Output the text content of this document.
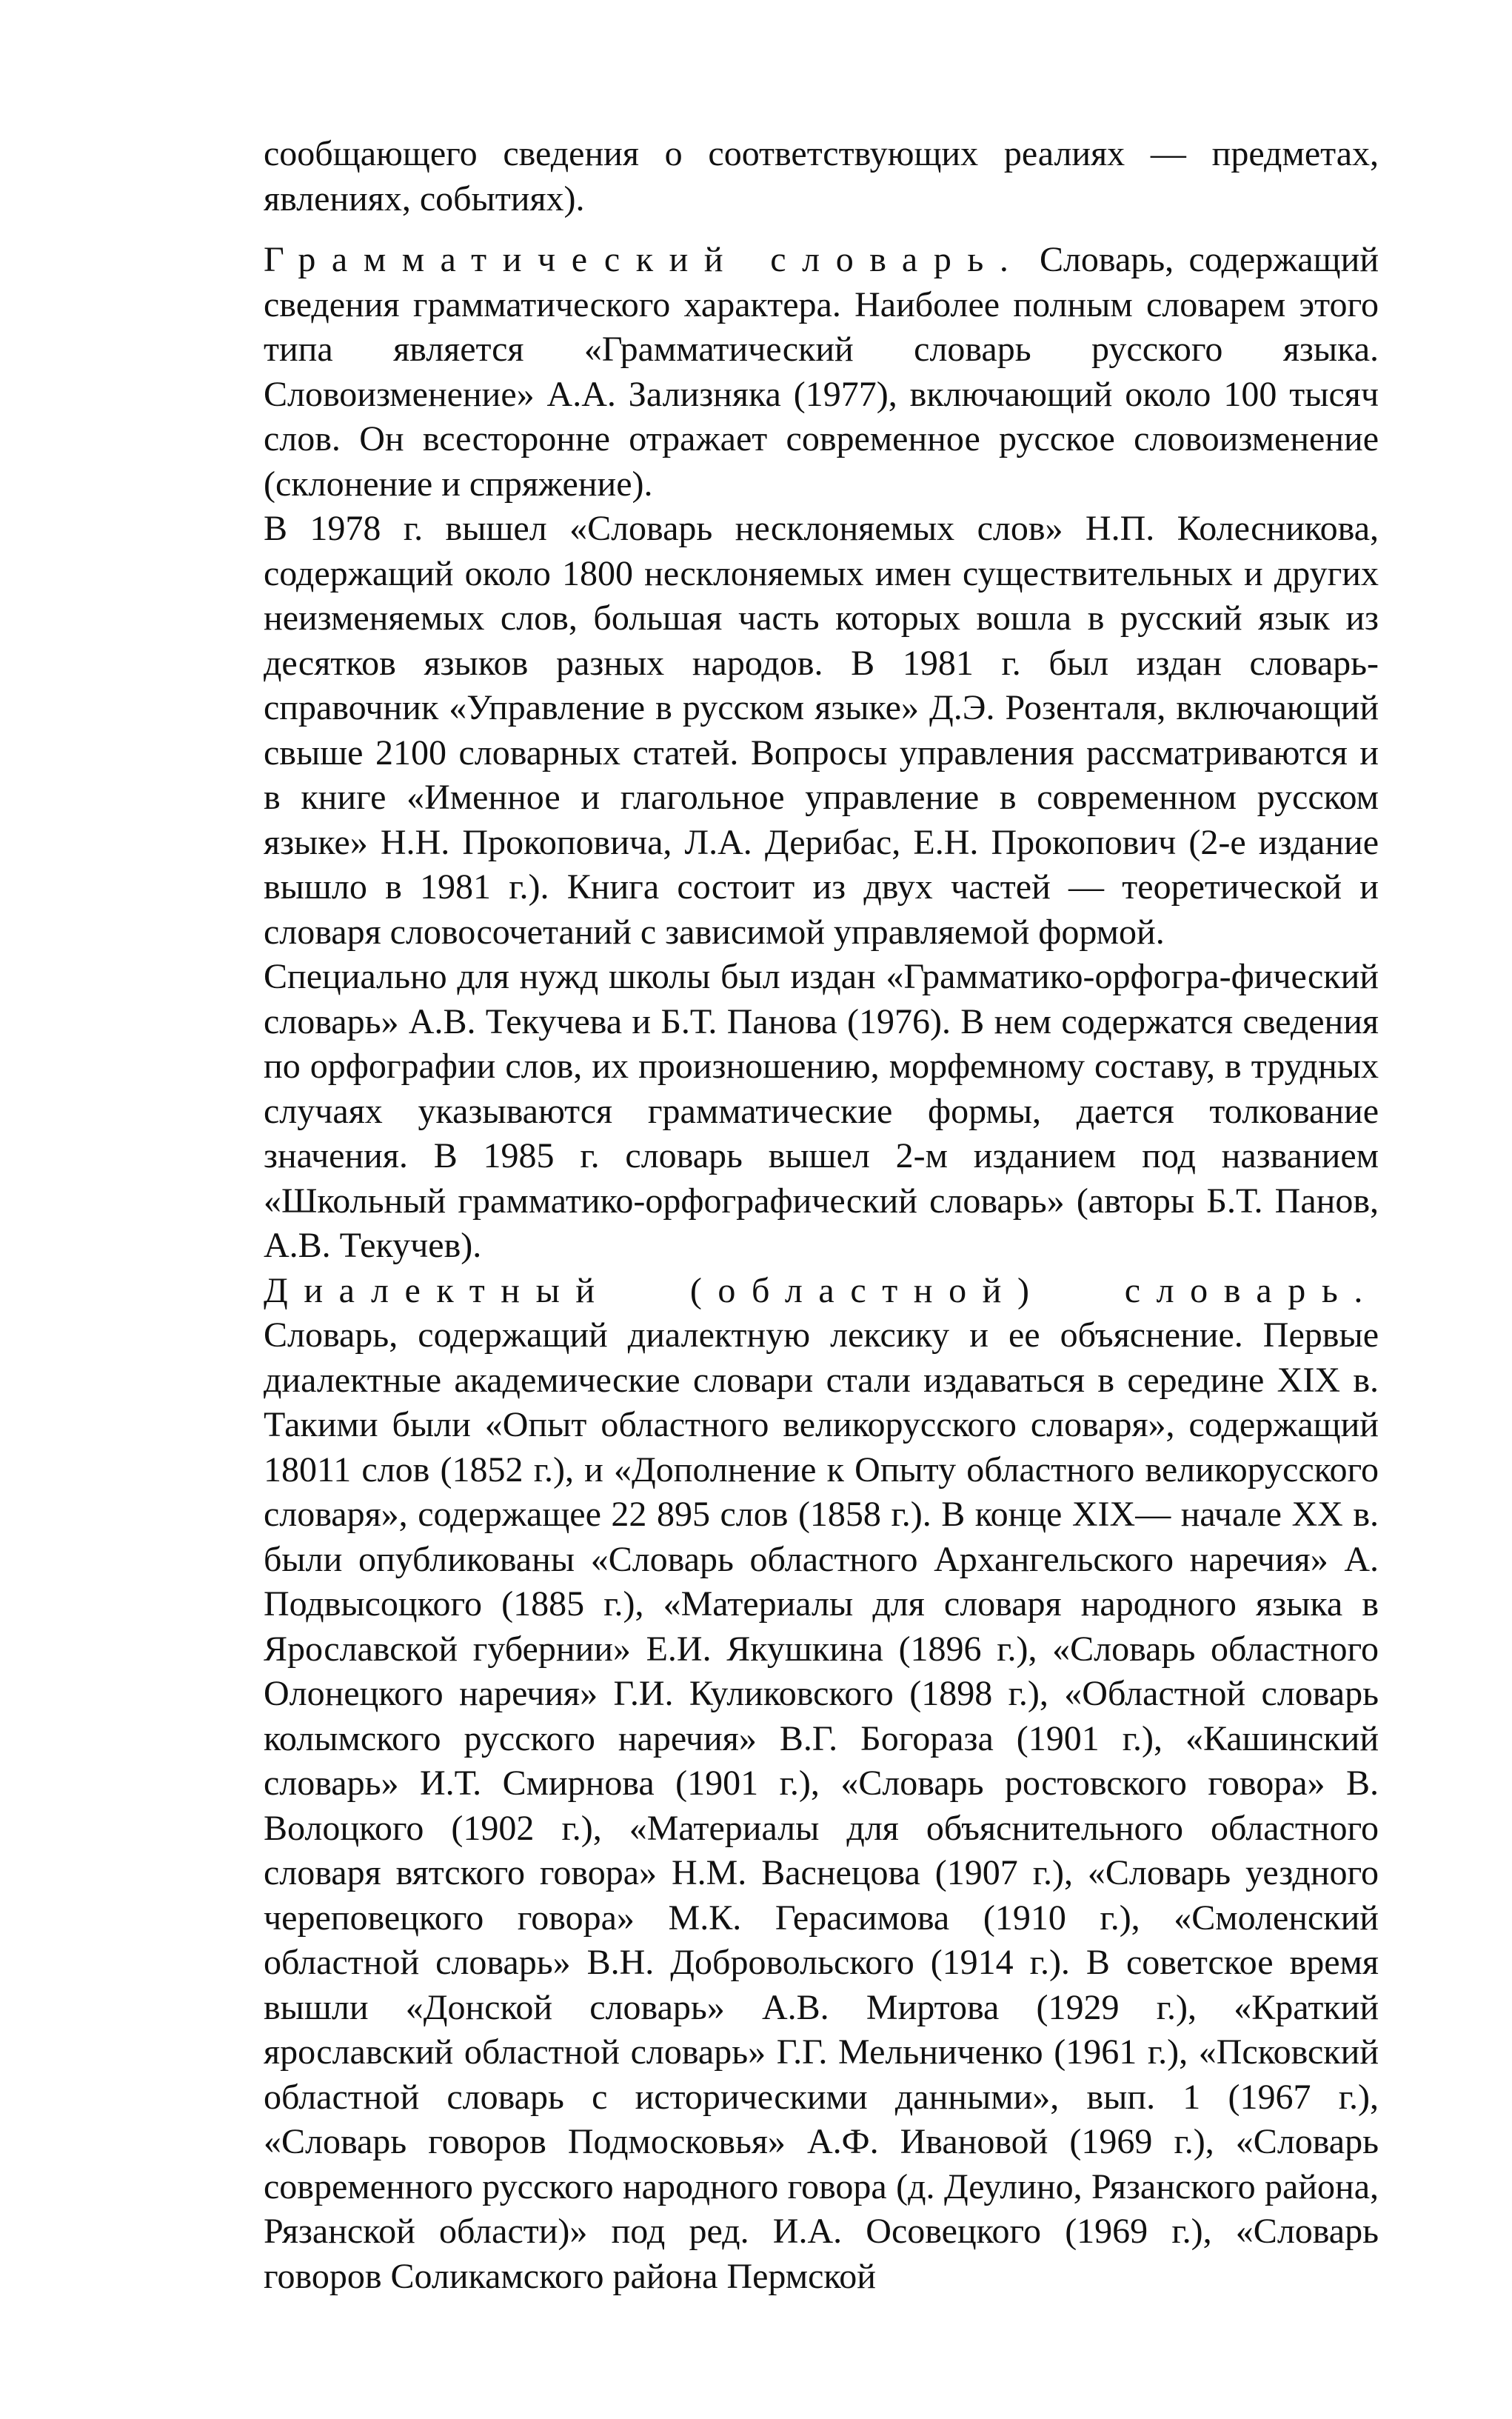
сообщающего сведения о соответствующих реалиях — предметах, явлениях, событиях).

Грамматический словарь. Словарь, содержащий сведения грамматического характера. Наиболее полным словарем этого типа является «Грамматический словарь русского языка. Словоизменение» А.А. Зализняка (1977), включающий около 100 тысяч слов. Он всесторонне отражает современное русское словоизменение (склонение и спряжение).

В 1978 г. вышел «Словарь несклоняемых слов» Н.П. Колесникова, содержащий около 1800 несклоняемых имен существительных и других неизменяемых слов, большая часть которых вошла в русский язык из десятков языков разных народов. В 1981 г. был издан словарь-справочник «Управление в русском языке» Д.Э. Розенталя, включающий свыше 2100 словарных статей. Вопросы управления рассматриваются и в книге «Именное и глагольное управление в современном русском языке» Н.Н. Прокоповича, Л.А. Дерибас, Е.Н. Прокопович (2-е издание вышло в 1981 г.). Книга состоит из двух частей — теоретической и словаря словосочетаний с зависимой управляемой формой.

Специально для нужд школы был издан «Грамматико-орфогра-фический словарь» А.В. Текучева и Б.Т. Панова (1976). В нем содержатся сведения по орфографии слов, их произношению, морфемному составу, в трудных случаях указываются грамматические формы, дается толкование значения. В 1985 г. словарь вышел 2-м изданием под названием «Школьный грамматико-орфографический словарь» (авторы Б.Т. Панов, А.В. Текучев).

Диалектный (областной) словарь. Словарь, содержащий диалектную лексику и ее объяснение. Первые диалектные академические словари стали издаваться в середине XIX в. Такими были «Опыт областного великорусского словаря», содержащий 18011 слов (1852 г.), и «Дополнение к Опыту областного великорусского словаря», содержащее 22 895 слов (1858 г.). В конце XIX— начале XX в. были опубликованы «Словарь областного Архангельского наречия» А. Подвысоцкого (1885 г.), «Материалы для словаря народного языка в Ярославской губернии» Е.И. Якушкина (1896 г.), «Словарь областного Олонецкого наречия» Г.И. Куликовского (1898 г.), «Областной словарь колымского русского наречия» В.Г. Богораза (1901 г.), «Кашинский словарь» И.Т. Смирнова (1901 г.), «Словарь ростовского говора» В. Волоцкого (1902 г.), «Материалы для объяснительного областного словаря вятского говора» Н.М. Васнецова (1907 г.), «Словарь уездного череповецкого говора» М.К. Герасимова (1910 г.), «Смоленский областной словарь» В.Н. Добровольского (1914 г.). В советское время вышли «Донской словарь» А.В. Миртова (1929 г.), «Краткий ярославский областной словарь» Г.Г. Мельниченко (1961 г.), «Псковский областной словарь с историческими данными», вып. 1 (1967 г.), «Словарь говоров Подмосковья» А.Ф. Ивановой (1969 г.), «Словарь современного русского народного говора (д. Деулино, Рязанского района, Рязанской области)» под ред. И.А. Осовецкого (1969 г.), «Словарь говоров Соликамского района Пермской
